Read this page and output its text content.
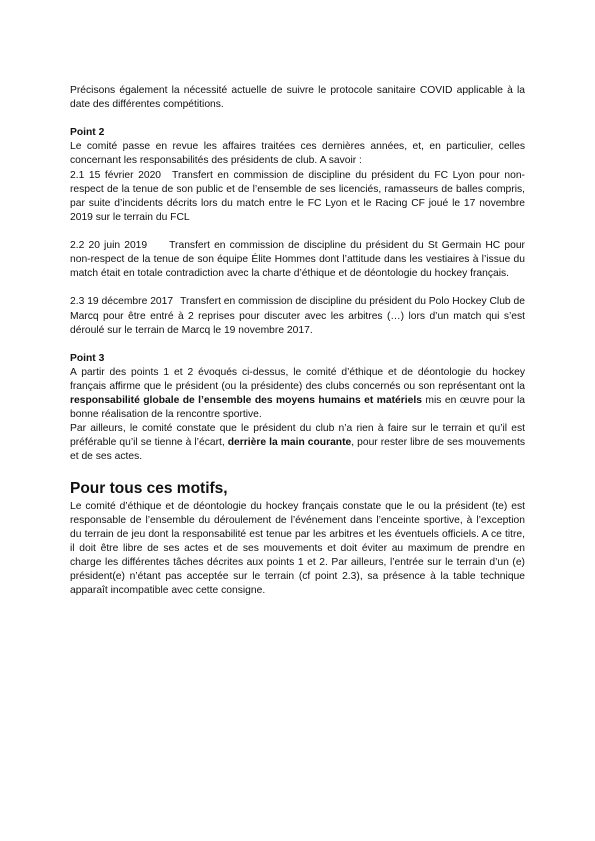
Précisons également la nécessité actuelle de suivre le protocole sanitaire COVID applicable à la date des différentes compétitions.

Point 2

Le comité passe en revue les affaires traitées ces dernières années, et, en particulier, celles concernant les responsabilités des présidents de club. A savoir :

2.1 15 février 2020 Transfert en commission de discipline du président du FC Lyon pour non-respect de la tenue de son public et de l’ensemble de ses licenciés, ramasseurs de balles compris, par suite d’incidents décrits lors du match entre le FC Lyon et le Racing CF joué le 17 novembre 2019 sur le terrain du FCL

2.2 20 juin 2019 Transfert en commission de discipline du président du St Germain HC pour non-respect de la tenue de son équipe Élite Hommes dont l’attitude dans les vestiaires à l’issue du match était en totale contradiction avec la charte d’éthique et de déontologie du hockey français.

2.3 19 décembre 2017 Transfert en commission de discipline du président du Polo Hockey Club de Marcq pour être entré à 2 reprises pour discuter avec les arbitres (…) lors d’un match qui s’est déroulé sur le terrain de Marcq le 19 novembre 2017.

Point 3

A partir des points 1 et 2 évoqués ci-dessus, le comité d’éthique et de déontologie du hockey français affirme que le président (ou la présidente) des clubs concernés ou son représentant ont la responsabilité globale de l’ensemble des moyens humains et matériels mis en œuvre pour la bonne réalisation de la rencontre sportive.

Par ailleurs, le comité constate que le président du club n’a rien à faire sur le terrain et qu’il est préférable qu’il se tienne à l’écart, derrière la main courante, pour rester libre de ses mouvements et de ses actes.

Pour tous ces motifs,

Le comité d’éthique et de déontologie du hockey français constate que le ou la président (te) est responsable de l’ensemble du déroulement de l’événement dans l’enceinte sportive, à l’exception du terrain de jeu dont la responsabilité est tenue par les arbitres et les éventuels officiels. A ce titre, il doit être libre de ses actes et de ses mouvements et doit éviter au maximum de prendre en charge les différentes tâches décrites aux points 1 et 2. Par ailleurs, l’entrée sur le terrain d’un (e) président(e) n’étant pas acceptée sur le terrain (cf point 2.3), sa présence à la table technique apparaît incompatible avec cette consigne.
